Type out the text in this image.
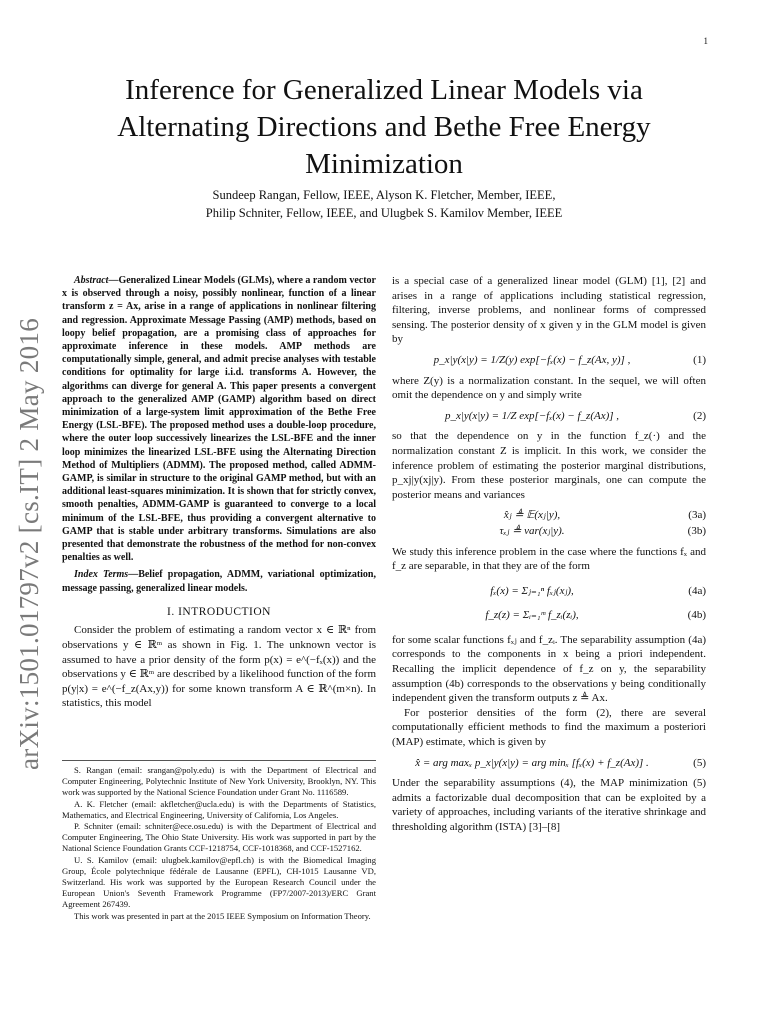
1
arXiv:1501.01797v2 [cs.IT] 2 May 2016
Inference for Generalized Linear Models via Alternating Directions and Bethe Free Energy Minimization
Sundeep Rangan, Fellow, IEEE, Alyson K. Fletcher, Member, IEEE,
Philip Schniter, Fellow, IEEE, and Ulugbek S. Kamilov Member, IEEE

Abstract—Generalized Linear Models (GLMs), where a random vector x is observed through a noisy, possibly nonlinear, function of a linear transform z = Ax, arise in a range of applications in nonlinear filtering and regression. Approximate Message Passing (AMP) methods, based on loopy belief propagation, are a promising class of approaches for approximate inference in these models. AMP methods are computationally simple, general, and admit precise analyses with testable conditions for optimality for large i.i.d. transforms A. However, the algorithms can diverge for general A. This paper presents a convergent approach to the generalized AMP (GAMP) algorithm based on direct minimization of a large-system limit approximation of the Bethe Free Energy (LSL-BFE). The proposed method uses a double-loop procedure, where the outer loop successively linearizes the LSL-BFE and the inner loop minimizes the linearized LSL-BFE using the Alternating Direction Method of Multipliers (ADMM). The proposed method, called ADMM-GAMP, is similar in structure to the original GAMP method, but with an additional least-squares minimization. It is shown that for strictly convex, smooth penalties, ADMM-GAMP is guaranteed to converge to a local minimum of the LSL-BFE, thus providing a convergent alternative to GAMP that is stable under arbitrary transforms. Simulations are also presented that demonstrate the robustness of the method for non-convex penalties as well.

Index Terms—Belief propagation, ADMM, variational optimization, message passing, generalized linear models.

I. INTRODUCTION

Consider the problem of estimating a random vector x ∈ ℝⁿ from observations y ∈ ℝᵐ as shown in Fig. 1. The unknown vector is assumed to have a prior density of the form p(x) = e^(−fₓ(x)) and the observations y ∈ ℝᵐ are described by a likelihood function of the form p(y|x) = e^(−f_z(Ax,y)) for some known transform A ∈ ℝ^(m×n). In statistics, this model

S. Rangan (email: srangan@poly.edu) is with the Department of Electrical and Computer Engineering, Polytechnic Institute of New York University, Brooklyn, NY. This work was supported by the National Science Foundation under Grant No. 1116589.

A. K. Fletcher (email: akfletcher@ucla.edu) is with the Departments of Statistics, Mathematics, and Electrical Engineering, University of California, Los Angeles.

P. Schniter (email: schniter@ece.osu.edu) is with the Department of Electrical and Computer Engineering, The Ohio State University. His work was supported in part by the National Science Foundation Grants CCF-1218754, CCF-1018368, and CCF-1527162.

U. S. Kamilov (email: ulugbek.kamilov@epfl.ch) is with the Biomedical Imaging Group, École polytechnique fédérale de Lausanne (EPFL), CH-1015 Lausanne VD, Switzerland. His work was supported by the European Research Council under the European Union's Seventh Framework Programme (FP7/2007-2013)/ERC Grant Agreement 267439.

This work was presented in part at the 2015 IEEE Symposium on Information Theory.

is a special case of a generalized linear model (GLM) [1], [2] and arises in a range of applications including statistical regression, filtering, inverse problems, and nonlinear forms of compressed sensing. The posterior density of x given y in the GLM model is given by

p_x|y(x|y) = 1/Z(y) exp[−fₓ(x) − f_z(Ax, y)] ,	(1)

where Z(y) is a normalization constant. In the sequel, we will often omit the dependence on y and simply write

p_x|y(x|y) = 1/Z exp[−fₓ(x) − f_z(Ax)] ,	(2)

so that the dependence on y in the function f_z(·) and the normalization constant Z is implicit. In this work, we consider the inference problem of estimating the posterior marginal distributions, p_xj|y(xj|y). From these posterior marginals, one can compute the posterior means and variances

x̂ⱼ ≜ 𝔼(xⱼ|y),	(3a)
τₓⱼ ≜ var(xⱼ|y).	(3b)

We study this inference problem in the case where the functions fₓ and f_z are separable, in that they are of the form

fₓ(x) = Σⱼ₌₁ⁿ fₓⱼ(xⱼ),	(4a)
f_z(z) = Σᵢ₌₁ᵐ f_zᵢ(zᵢ),	(4b)

for some scalar functions fₓⱼ and f_zᵢ. The separability assumption (4a) corresponds to the components in x being a priori independent. Recalling the implicit dependence of f_z on y, the separability assumption (4b) corresponds to the observations y being conditionally independent given the transform outputs z ≜ Ax.

For posterior densities of the form (2), there are several computationally efficient methods to find the maximum a posteriori (MAP) estimate, which is given by

x̂ = arg maxₓ p_x|y(x|y) = arg minₓ [fₓ(x) + f_z(Ax)] .	(5)

Under the separability assumptions (4), the MAP minimization (5) admits a factorizable dual decomposition that can be exploited by a variety of approaches, including variants of the iterative shrinkage and thresholding algorithm (ISTA) [3]–[8]
